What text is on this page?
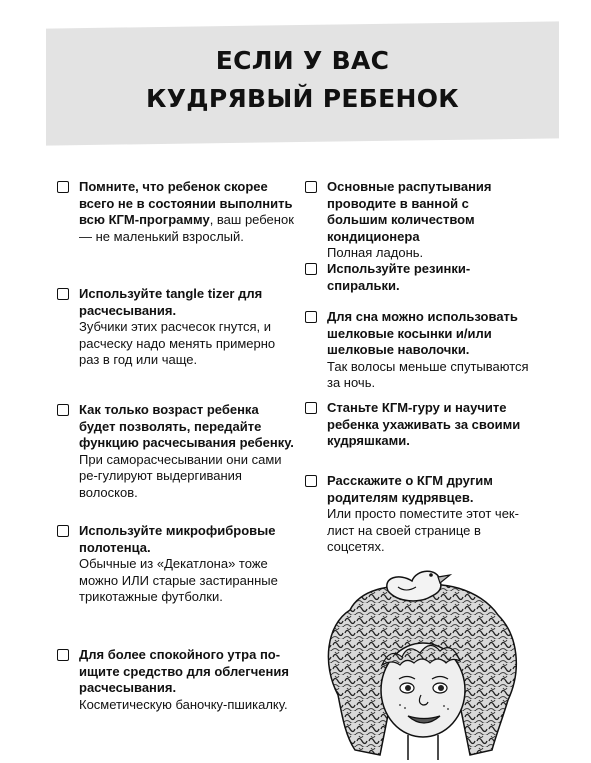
ЕСЛИ У ВАС
КУДРЯВЫЙ РЕБЕНОК
Помните, что ребенок скорее всего не в состоянии выполнить всю КГМ-программу, ваш ребенок — не маленький взрослый.
Используйте tangle tizer для расчесывания.
Зубчики этих расчесок гнутся, и расческу надо менять примерно раз в год или чаще.
Как только возраст ребенка будет позволять, передайте функцию расчесывания ребенку.
При саморасчесывании они сами ре-гулируют выдергивания волосков.
Используйте микрофибровые полотенца.
Обычные из «Декатлона» тоже можно ИЛИ старые застиранные трикотажные футболки.
Для более спокойного утра по-ищите средство для облегчения расчесывания.
Косметическую баночку-пшикалку.
Основные распутывания проводите в ванной с большим количеством кондиционера
Полная ладонь.
Используйте резинки-спиральки.
Для сна можно использовать шелковые косынки и/или шелковые наволочки.
Так волосы меньше спутываются за ночь.
Станьте КГМ-гуру и научите ребенка ухаживать за своими кудряшками.
Расскажите о КГМ другим родителям кудрявцев.
Или просто поместите этот чек-лист на своей странице в соцсетях.
